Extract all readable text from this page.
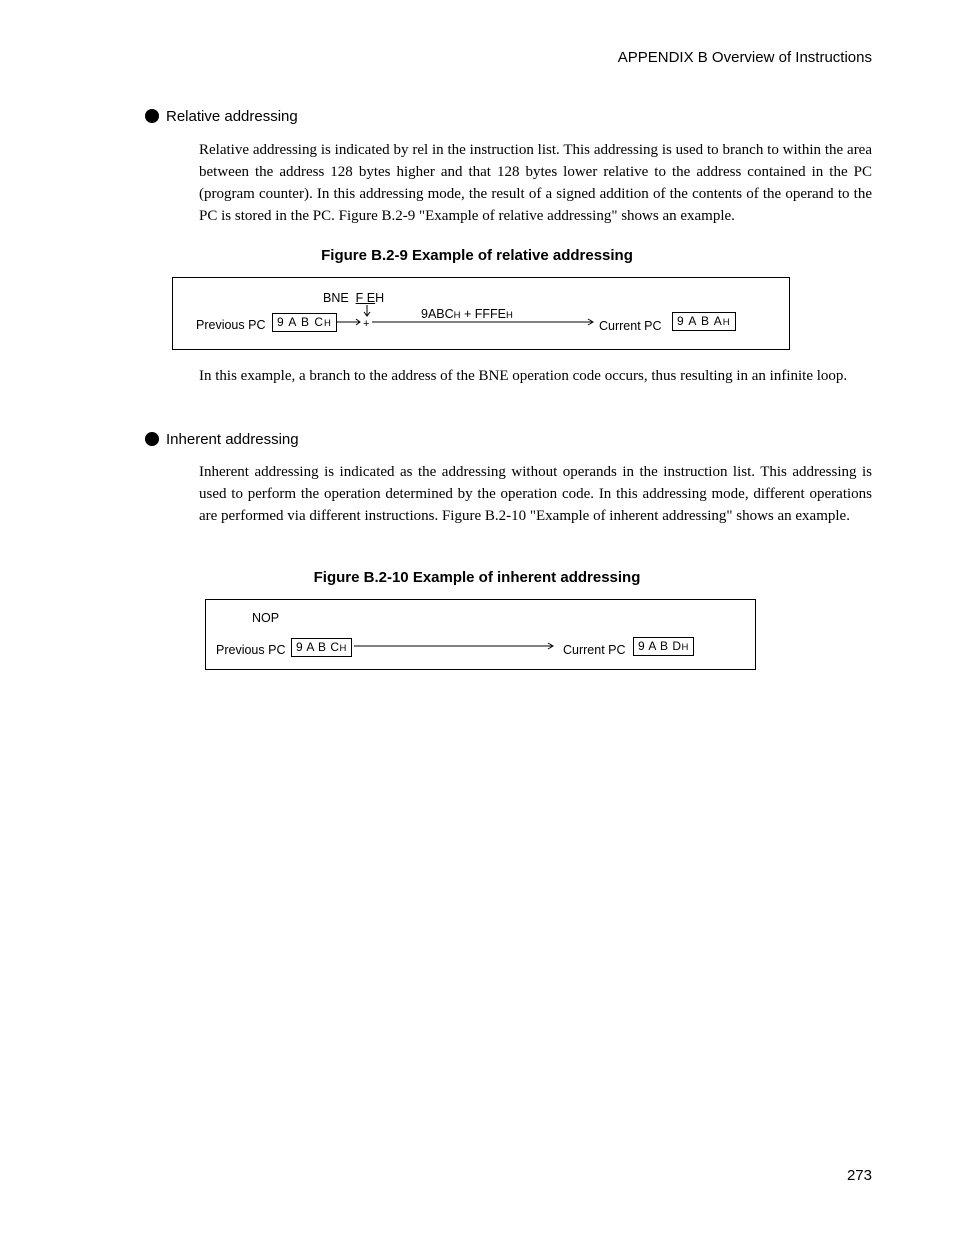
APPENDIX B Overview of Instructions
Relative addressing
Relative addressing is indicated by rel in the instruction list. This addressing is used to branch to within the area between the address 128 bytes higher and that 128 bytes lower relative to the address contained in the PC (program counter). In this addressing mode, the result of a signed addition of the contents of the operand to the PC is stored in the PC. Figure B.2-9 "Example of relative addressing" shows an example.
Figure B.2-9 Example of relative addressing
BNE F EH
Previous PC 9 A B CH
9ABCH + FFFEH
Current PC	9 A B AH
+
In this example, a branch to the address of the BNE operation code occurs, thus resulting in an infinite loop.
Inherent addressing
Inherent addressing is indicated as the addressing without operands in the instruction list. This addressing is used to perform the operation determined by the operation code. In this addressing mode, different operations are performed via different instructions. Figure B.2-10 "Example of inherent addressing" shows an example.
Figure B.2-10 Example of inherent addressing
NOP
Previous PC 9 A B CH	Current PC	9 A B DH
273
